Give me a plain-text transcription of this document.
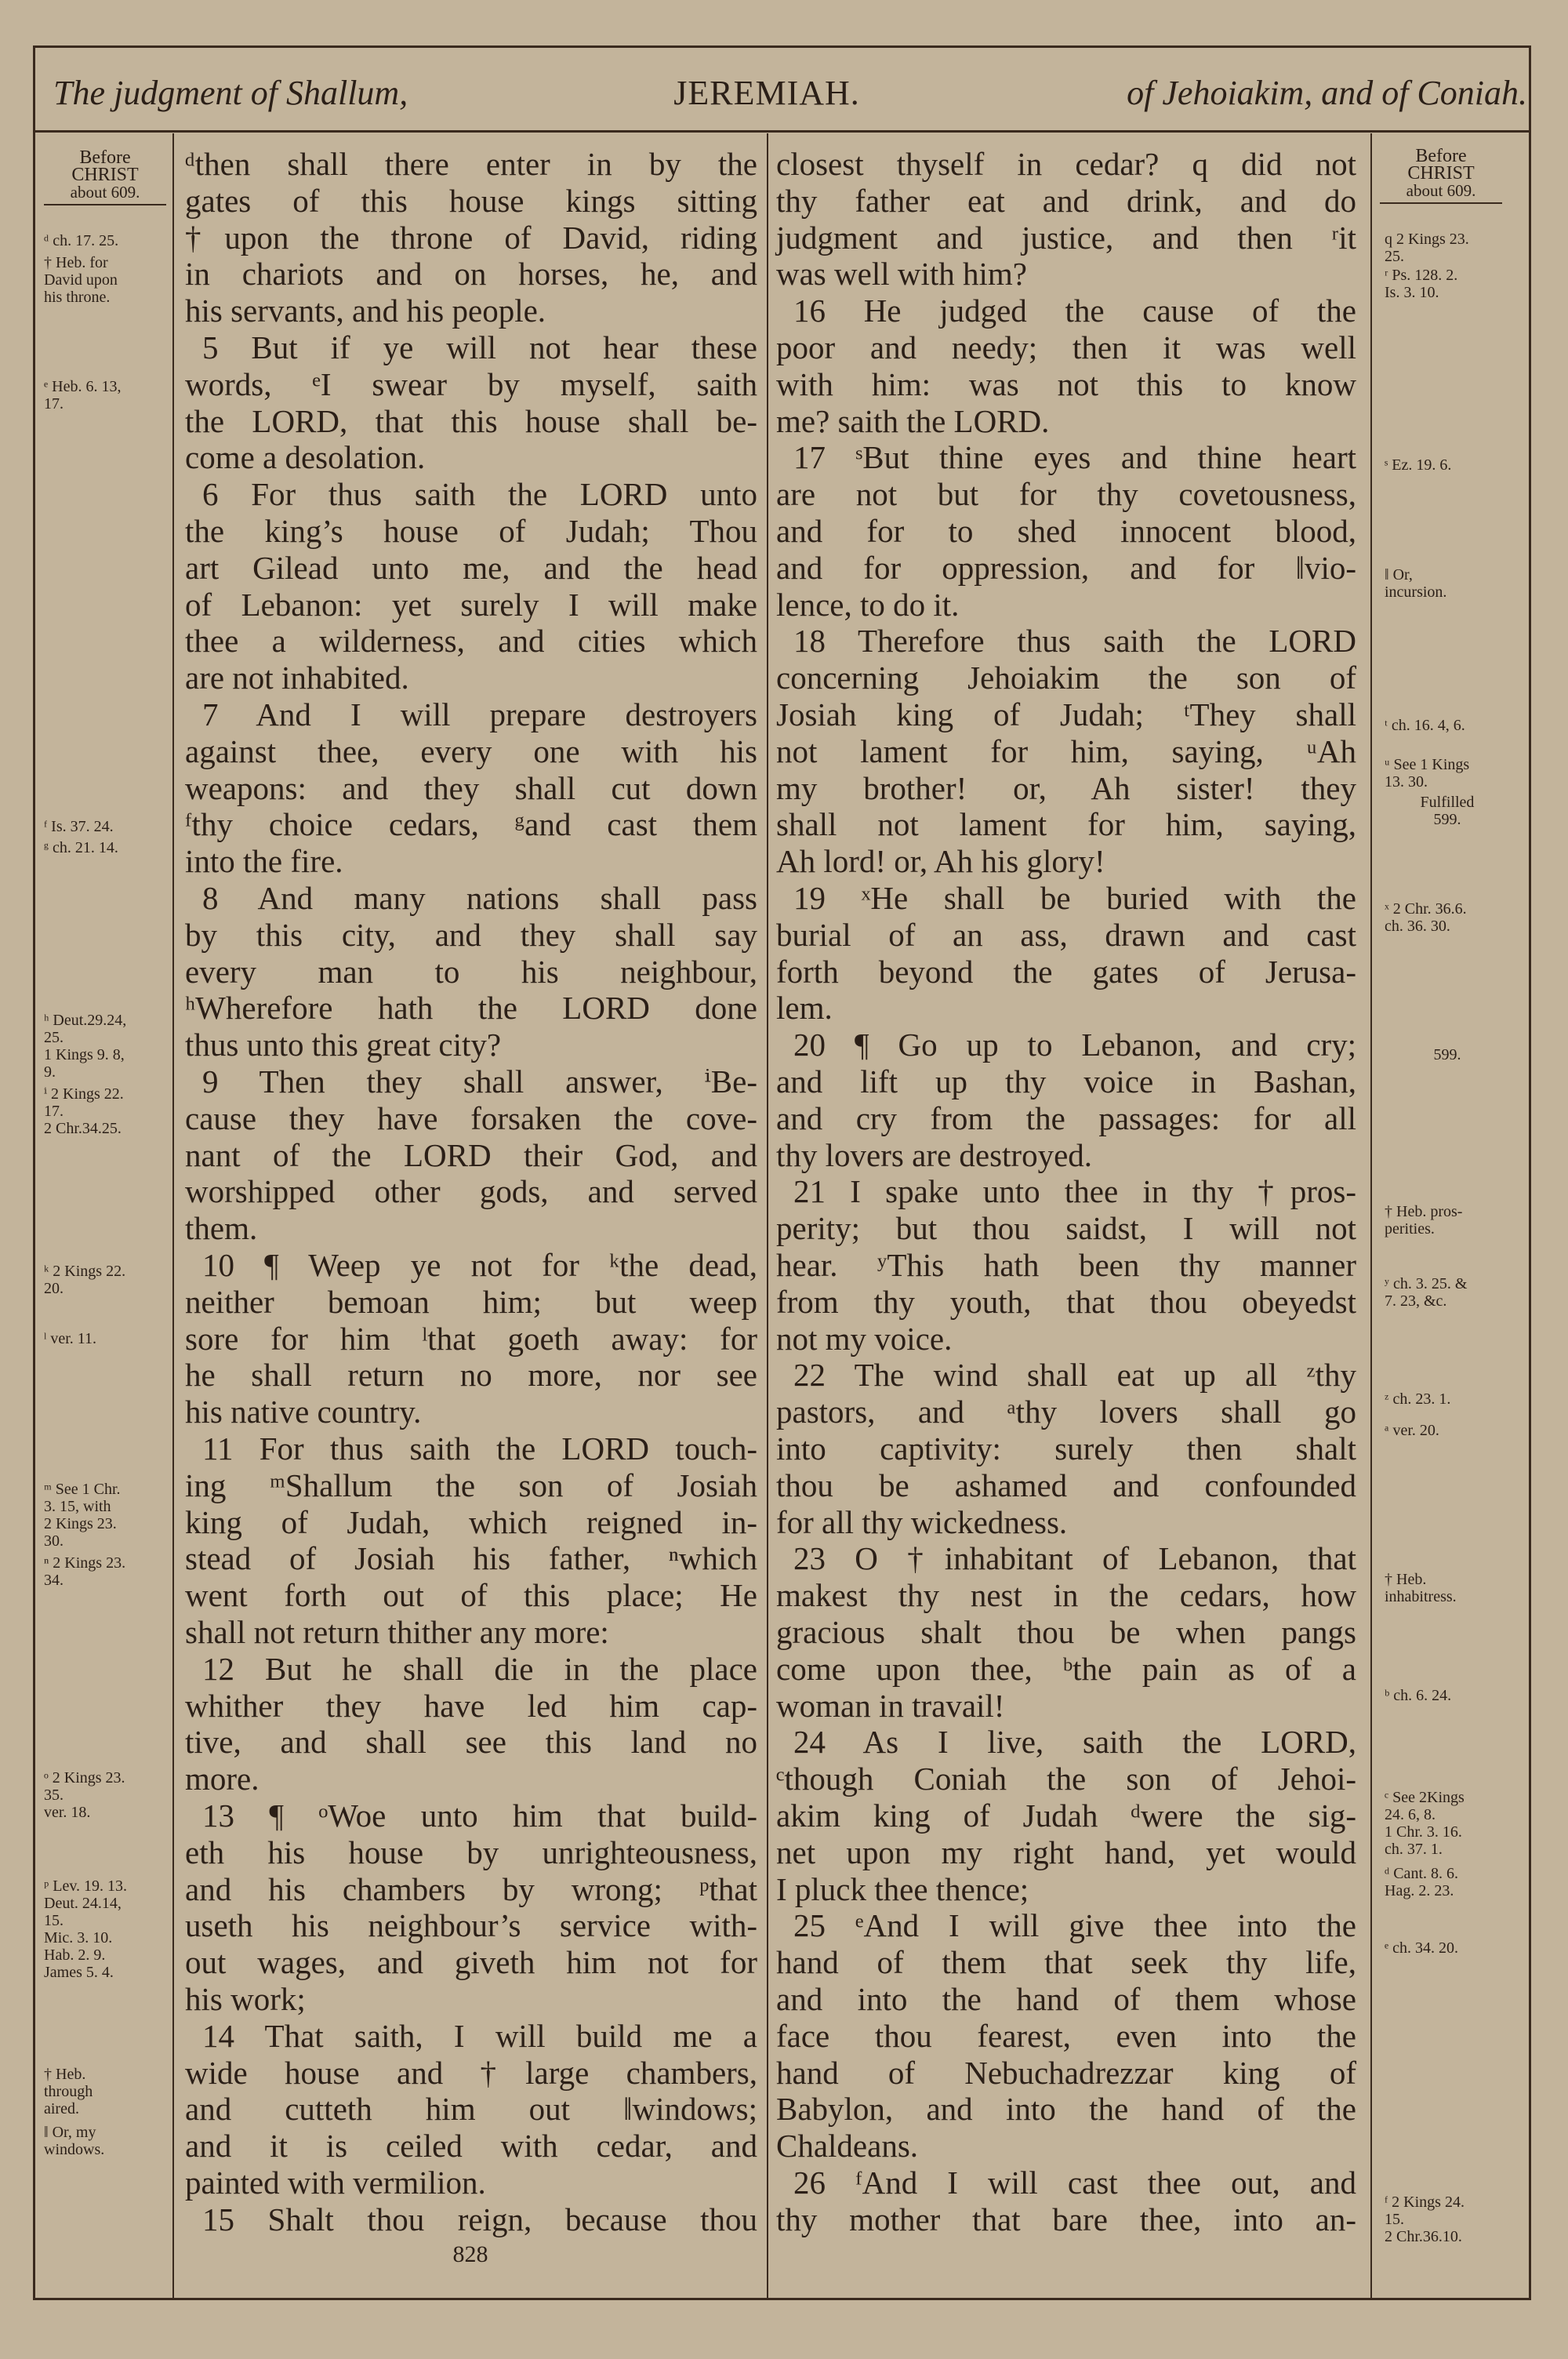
The judgment of Shallum,	JEREMIAH.	of Jehoiakim, and of Coniah.
Before
CHRIST
about 609.
Before
CHRIST
about 609.
ᵈthen shall there enter in by the
gates of this house kings sitting
†upon the throne of David, riding
in chariots and on horses, he, and
his servants, and his people.
5 But if ye will not hear these
words, ᵉI swear by myself, saith
the LORD, that this house shall be-
come a desolation.
6 For thus saith the LORD unto
the king’s house of Judah; Thou
art Gilead unto me, and the head
of Lebanon: yet surely I will make
thee a wilderness, and cities which
are not inhabited.
7 And I will prepare destroyers
against thee, every one with his
weapons: and they shall cut down
ᶠthy choice cedars, ᵍand cast them
into the fire.
8 And many nations shall pass
by this city, and they shall say
every man to his neighbour,
ʰWherefore hath the LORD done
thus unto this great city?
9 Then they shall answer, ⁱBe-
cause they have forsaken the cove-
nant of the LORD their God, and
worshipped other gods, and served
them.
10 ¶ Weep ye not for ᵏthe dead,
neither bemoan him; but weep
sore for him ˡthat goeth away: for
he shall return no more, nor see
his native country.
11 For thus saith the LORD touch-
ing ᵐShallum the son of Josiah
king of Judah, which reigned in-
stead of Josiah his father, ⁿwhich
went forth out of this place; He
shall not return thither any more:
12 But he shall die in the place
whither they have led him cap-
tive, and shall see this land no
more.
13 ¶ ᵒWoe unto him that build-
eth his house by unrighteousness,
and his chambers by wrong; ᵖthat
useth his neighbour’s service with-
out wages, and giveth him not for
his work;
14 That saith, I will build me a
wide house and †large chambers,
and cutteth him out ‖windows;
and it is ceiled with cedar, and
painted with vermilion.
15 Shalt thou reign, because thou
closest thyself in cedar? q did not
thy father eat and drink, and do
judgment and justice, and then ʳit
was well with him?
16 He judged the cause of the
poor and needy; then it was well
with him: was not this to know
me? saith the LORD.
17 ˢBut thine eyes and thine heart
are not but for thy covetousness,
and for to shed innocent blood,
and for oppression, and for ‖vio-
lence, to do it.
18 Therefore thus saith the LORD
concerning Jehoiakim the son of
Josiah king of Judah; ᵗThey shall
not lament for him, saying, ᵘAh
my brother! or, Ah sister! they
shall not lament for him, saying,
Ah lord! or, Ah his glory!
19 ˣHe shall be buried with the
burial of an ass, drawn and cast
forth beyond the gates of Jerusa-
lem.
20 ¶ Go up to Lebanon, and cry;
and lift up thy voice in Bashan,
and cry from the passages: for all
thy lovers are destroyed.
21 I spake unto thee in thy †pros-
perity; but thou saidst, I will not
hear. ʸThis hath been thy manner
from thy youth, that thou obeyedst
not my voice.
22 The wind shall eat up all ᶻthy
pastors, and ᵃthy lovers shall go
into captivity: surely then shalt
thou be ashamed and confounded
for all thy wickedness.
23 O †inhabitant of Lebanon, that
makest thy nest in the cedars, how
gracious shalt thou be when pangs
come upon thee, ᵇthe pain as of a
woman in travail!
24 As I live, saith the LORD,
ᶜthough Coniah the son of Jehoi-
akim king of Judah ᵈwere the sig-
net upon my right hand, yet would
I pluck thee thence;
25 ᵉAnd I will give thee into the
hand of them that seek thy life,
and into the hand of them whose
face thou fearest, even into the
hand of Nebuchadrezzar king of
Babylon, and into the hand of the
Chaldeans.
26 ᶠAnd I will cast thee out, and
thy mother that bare thee, into an-
ᵈ ch. 17. 25.
† Heb. for
David upon
his throne.
ᵉ Heb. 6. 13,
17.
ᶠ Is. 37. 24.
ᵍ ch. 21. 14.
ʰ Deut.29.24,
25.
1 Kings 9. 8,
9.
ⁱ 2 Kings 22.
17.
2 Chr.34.25.
ᵏ 2 Kings 22.
20.
ˡ ver. 11.
ᵐ See 1 Chr.
3. 15, with
2 Kings 23.
30.
ⁿ 2 Kings 23.
34.
ᵒ 2 Kings 23.
35.
ver. 18.
ᵖ Lev. 19. 13.
Deut. 24.14,
15.
Mic. 3. 10.
Hab. 2. 9.
James 5. 4.
† Heb.
through
aired.
‖ Or, my
windows.
q 2 Kings 23.
25.
ʳ Ps. 128. 2.
Is. 3. 10.
ˢ Ez. 19. 6.
‖ Or,
incursion.
ᵗ ch. 16. 4, 6.
ᵘ See 1 Kings
13. 30.
Fulfilled
599.
ˣ 2 Chr. 36.6.
ch. 36. 30.
599.
† Heb. pros-
perities.
ʸ ch. 3. 25. &
7. 23, &c.
ᶻ ch. 23. 1.
ᵃ ver. 20.
† Heb.
inhabitress.
ᵇ ch. 6. 24.
ᶜ See 2Kings
24. 6, 8.
1 Chr. 3. 16.
ch. 37. 1.
ᵈ Cant. 8. 6.
Hag. 2. 23.
ᵉ ch. 34. 20.
ᶠ 2 Kings 24.
15.
2 Chr.36.10.
828
